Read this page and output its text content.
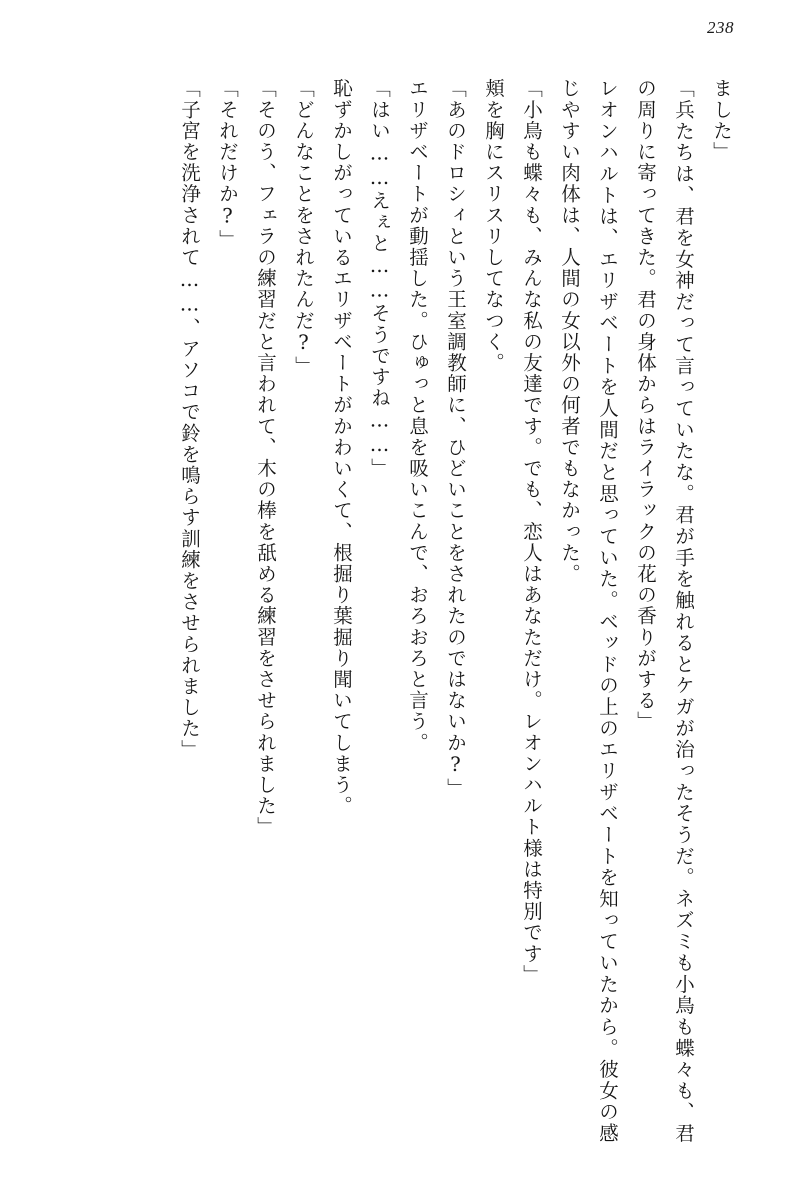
238

ました」

「兵たちは、君を女神だって言っていたな。君が手を触れるとケガが治ったそうだ。ネズミも小鳥も蝶々も、君の周りに寄ってきた。君の身体からはライラックの花の香りがする」

レオンハルトは、エリザベートを人間だと思っていた。ベッドの上のエリザベートを知っていたから。彼女の感じやすい肉体は、人間の女以外の何者でもなかった。

「小鳥も蝶々も、みんな私の友達です。でも、恋人はあなただけ。レオンハルト様は特別です」

頬を胸にスリスリしてなつく。

「あのドロシィという王室調教師に、ひどいことをされたのではないか?」

エリザベートが動揺した。ひゅっと息を吸いこんで、おろおろと言う。

「はい……えぇと……そうですね……」

恥ずかしがっているエリザベートがかわいくて、根掘り葉掘り聞いてしまう。

「どんなことをされたんだ?」

「そのう、フェラの練習だと言われて、木の棒を舐める練習をさせられました」

「それだけか?」

「子宮を洗浄されて……、アソコで鈴を鳴らす訓練をさせられました」
